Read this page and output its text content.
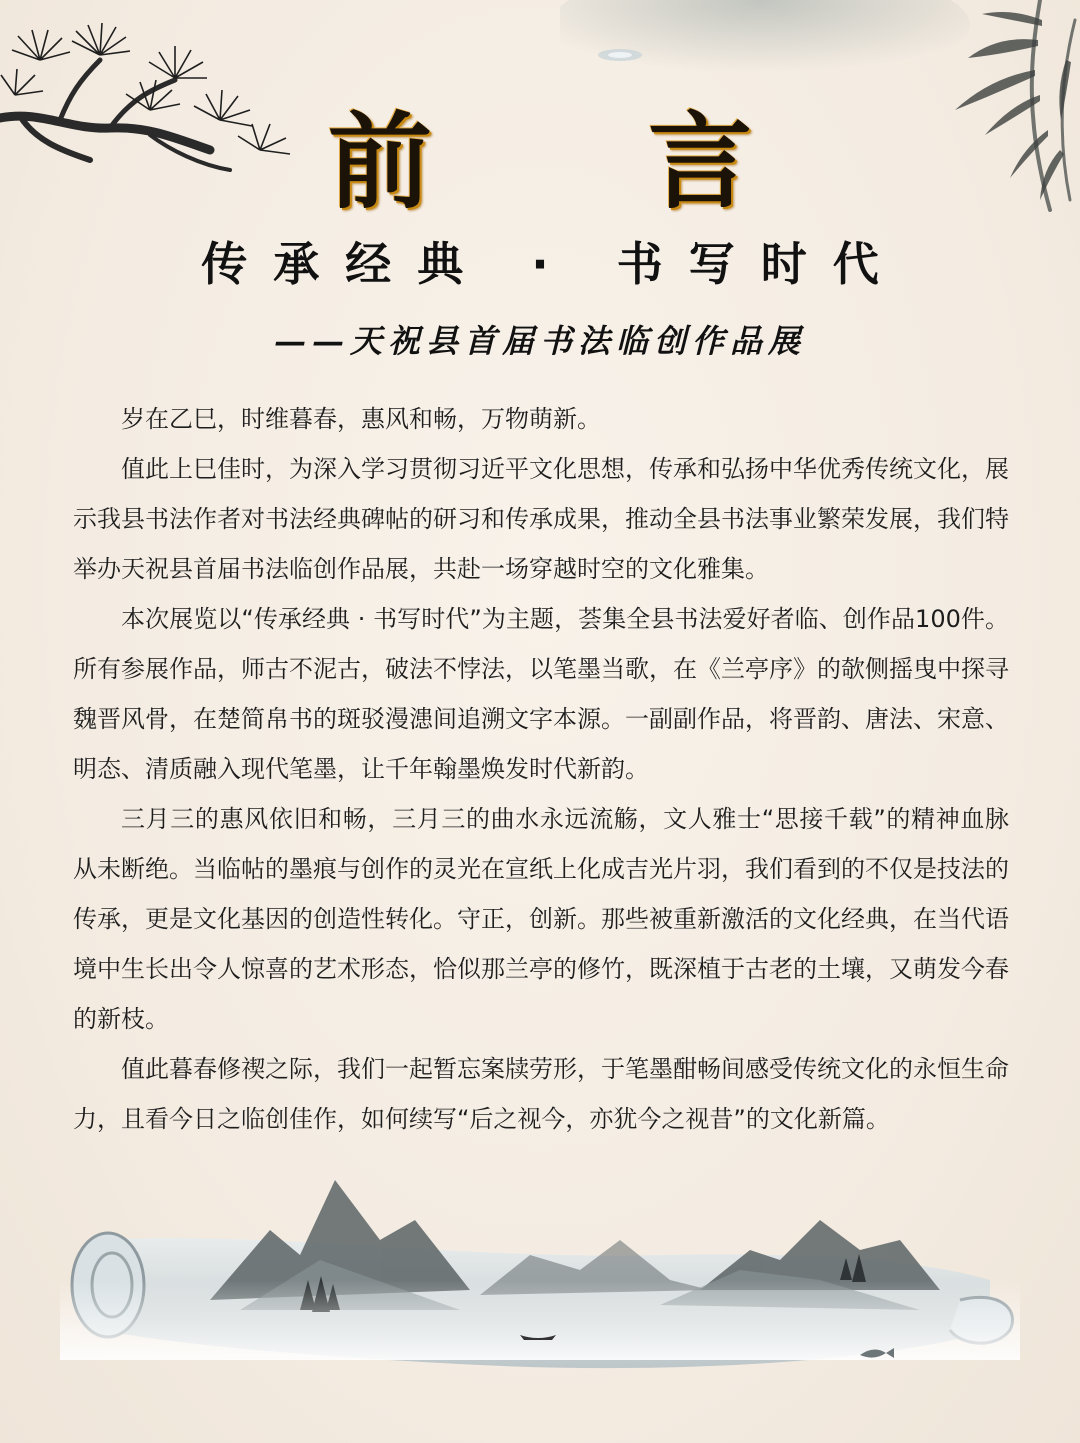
前 言
传承经典 · 书写时代
——天祝县首届书法临创作品展

岁在乙巳，时维暮春，惠风和畅，万物萌新。

值此上巳佳时，为深入学习贯彻习近平文化思想，传承和弘扬中华优秀传统文化，展示我县书法作者对书法经典碑帖的研习和传承成果，推动全县书法事业繁荣发展，我们特举办天祝县首届书法临创作品展，共赴一场穿越时空的文化雅集。

本次展览以“传承经典 · 书写时代”为主题，荟集全县书法爱好者临、创作品100件。所有参展作品，师古不泥古，破法不悖法，以笔墨当歌，在《兰亭序》的欹侧摇曳中探寻魏晋风骨，在楚简帛书的斑驳漫漶间追溯文字本源。一副副作品，将晋韵、唐法、宋意、明态、清质融入现代笔墨，让千年翰墨焕发时代新韵。

三月三的惠风依旧和畅，三月三的曲水永远流觞，文人雅士“思接千载”的精神血脉从未断绝。当临帖的墨痕与创作的灵光在宣纸上化成吉光片羽，我们看到的不仅是技法的传承，更是文化基因的创造性转化。守正，创新。那些被重新激活的文化经典，在当代语境中生长出令人惊喜的艺术形态，恰似那兰亭的修竹，既深植于古老的土壤，又萌发今春的新枝。

值此暮春修禊之际，我们一起暂忘案牍劳形，于笔墨酣畅间感受传统文化的永恒生命力，且看今日之临创佳作，如何续写“后之视今，亦犹今之视昔”的文化新篇。
